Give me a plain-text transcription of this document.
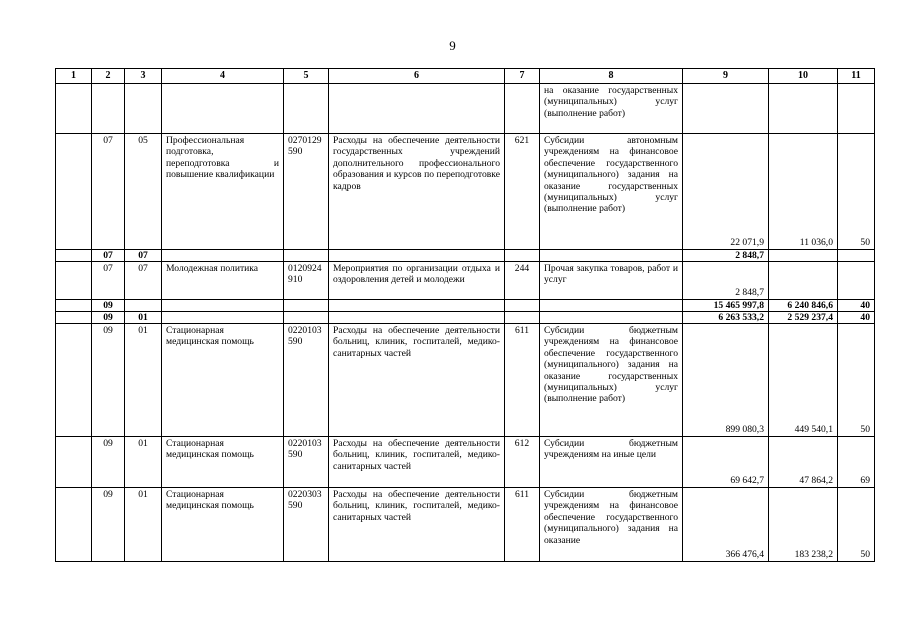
9
1	2	3	4	5	6	7	8	9	10	11
							на оказание государственных (муниципальных) услуг (выполнение работ)			
	07	05	Профессиональная подготовка, переподготовка и повышение квалификации	0270129590	Расходы на обеспечение деятельности государственных учреждений дополнительного профессионального образования и курсов по переподготовке кадров	621	Субсидии автономным учреждениям на финансовое обеспечение государственного (муниципального) задания на оказание государственных (муниципальных) услуг (выполнение работ)	22 071,9	11 036,0	50
	07	07						2 848,7		
	07	07	Молодежная политика	0120924910	Мероприятия по организации отдыха и оздоровления детей и молодежи	244	Прочая закупка товаров, работ и услуг	2 848,7		
	09							15 465 997,8	6 240 846,6	40
	09	01						6 263 533,2	2 529 237,4	40
	09	01	Стационарная медицинская помощь	0220103590	Расходы на обеспечение деятельности больниц, клиник, госпиталей, медико-санитарных частей	611	Субсидии бюджетным учреждениям на финансовое обеспечение государственного (муниципального) задания на оказание государственных (муниципальных) услуг (выполнение работ)	899 080,3	449 540,1	50
	09	01	Стационарная медицинская помощь	0220103590	Расходы на обеспечение деятельности больниц, клиник, госпиталей, медико-санитарных частей	612	Субсидии бюджетным учреждениям на иные цели	69 642,7	47 864,2	69
	09	01	Стационарная медицинская помощь	0220303590	Расходы на обеспечение деятельности больниц, клиник, госпиталей, медико-санитарных частей	611	Субсидии бюджетным учреждениям на финансовое обеспечение государственного (муниципального) задания на оказание	366 476,4	183 238,2	50
